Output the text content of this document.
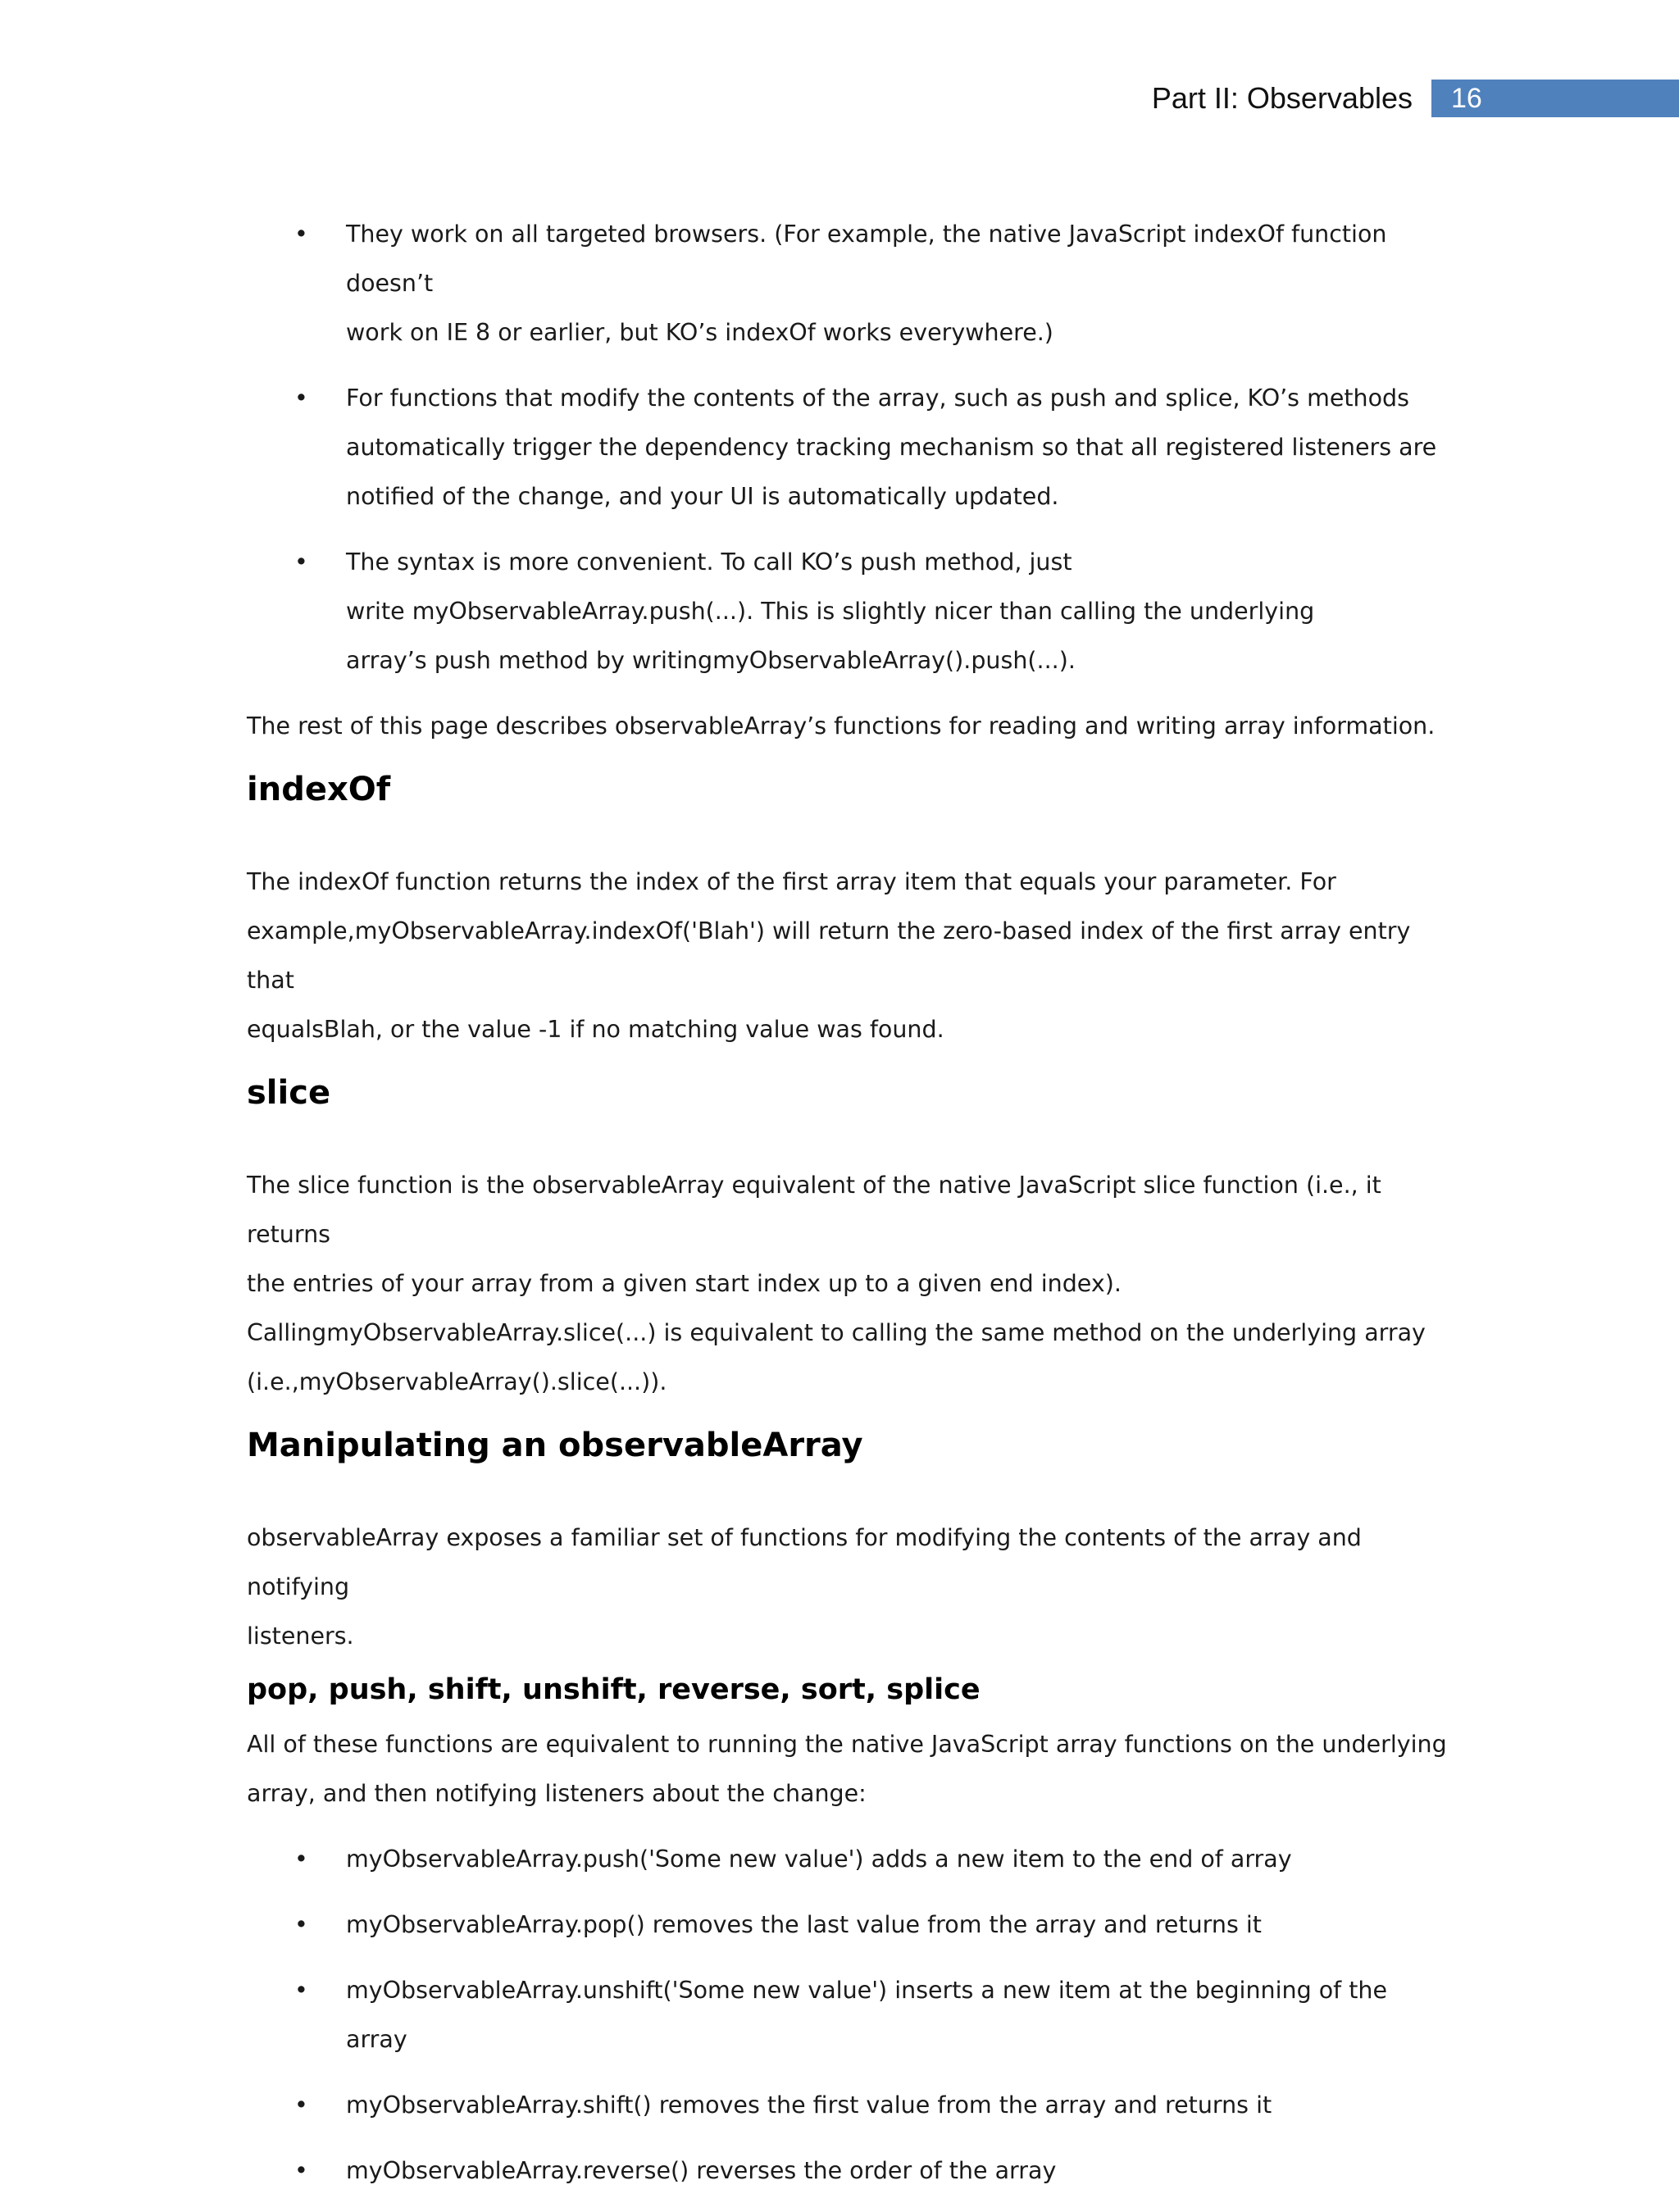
Part II: Observables 16
• They work on all targeted browsers. (For example, the native JavaScript indexOf function doesn’t
work on IE 8 or earlier, but KO’s indexOf works everywhere.)
• For functions that modify the contents of the array, such as push and splice, KO’s methods
automatically trigger the dependency tracking mechanism so that all registered listeners are
notified of the change, and your UI is automatically updated.
• The syntax is more convenient. To call KO’s push method, just
write myObservableArray.push(...). This is slightly nicer than calling the underlying
array’s push method by writingmyObservableArray().push(...).

The rest of this page describes observableArray’s functions for reading and writing array information.

indexOf

The indexOf function returns the index of the first array item that equals your parameter. For

example,myObservableArray.indexOf('Blah') will return the zero-based index of the first array entry that

equalsBlah, or the value -1 if no matching value was found.

slice

The slice function is the observableArray equivalent of the native JavaScript slice function (i.e., it returns

the entries of your array from a given start index up to a given end index).

CallingmyObservableArray.slice(...) is equivalent to calling the same method on the underlying array

(i.e.,myObservableArray().slice(...)).

Manipulating an observableArray

observableArray exposes a familiar set of functions for modifying the contents of the array and notifying

listeners.

pop, push, shift, unshift, reverse, sort, splice

All of these functions are equivalent to running the native JavaScript array functions on the underlying

array, and then notifying listeners about the change:

• myObservableArray.push('Some new value') adds a new item to the end of array
• myObservableArray.pop() removes the last value from the array and returns it
• myObservableArray.unshift('Some new value') inserts a new item at the beginning of the array
• myObservableArray.shift() removes the first value from the array and returns it
• myObservableArray.reverse() reverses the order of the array
